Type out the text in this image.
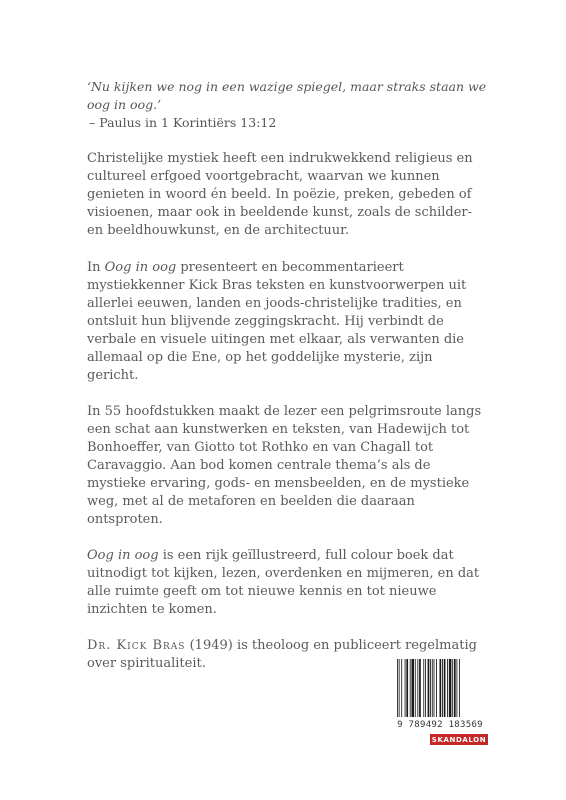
‘Nu kijken we nog in een wazige spiegel, maar straks staan we oog in oog.’
– Paulus in 1 Korintiërs 13:12

Christelijke mystiek heeft een indrukwekkend religieus en cultureel erfgoed voortgebracht, waarvan we kunnen genieten in woord én beeld. In poëzie, preken, gebeden of visioenen, maar ook in beeldende kunst, zoals de schilder- en beeldhouwkunst, en de architectuur.

In Oog in oog presenteert en becommentarieert mystiekkenner Kick Bras teksten en kunstvoorwerpen uit allerlei eeuwen, landen en joods-christelijke tradities, en ontsluit hun blijvende zeggingskracht. Hij verbindt de verbale en visuele uitingen met elkaar, als verwanten die allemaal op die Ene, op het goddelijke mysterie, zijn gericht.

In 55 hoofdstukken maakt de lezer een pelgrimsroute langs een schat aan kunstwerken en teksten, van Hadewijch tot Bonhoeffer, van Giotto tot Rothko en van Chagall tot Caravaggio. Aan bod komen centrale thema’s als de mystieke ervaring, gods- en mensbeelden, en de mystieke weg, met al de metaforen en beelden die daaraan ontsproten.

Oog in oog is een rijk geïllustreerd, full colour boek dat uitnodigt tot kijken, lezen, overdenken en mijmeren, en dat alle ruimte geeft om tot nieuwe kennis en tot nieuwe inzichten te komen.

Dr. Kick Bras (1949) is theoloog en publiceert regelmatig over spiritualiteit.

9 789492 183569
SKANDALON
